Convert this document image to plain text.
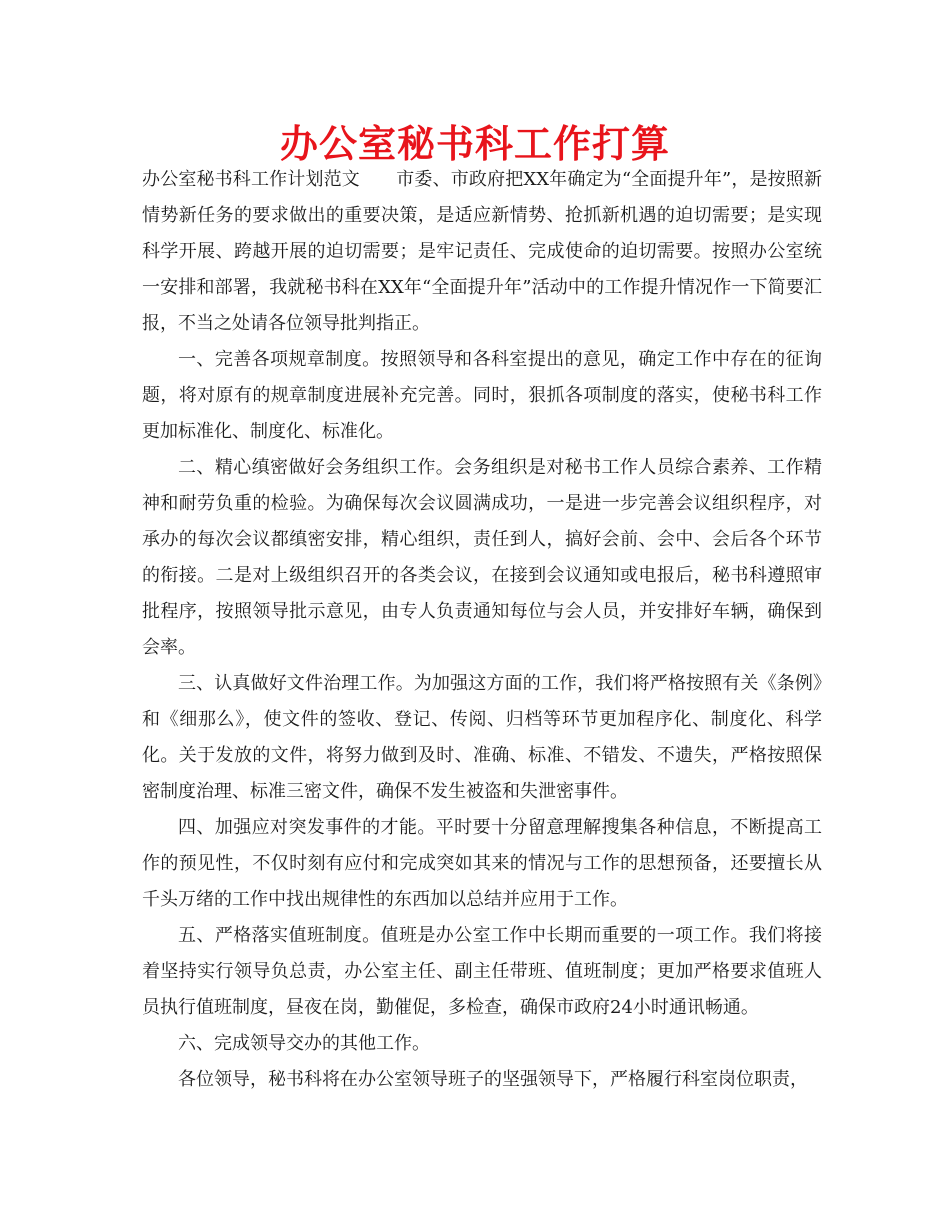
办公室秘书科工作打算

办公室秘书科工作计划范文　　市委、市政府把XX年确定为“全面提升年”，是按照新情势新任务的要求做出的重要决策，是适应新情势、抢抓新机遇的迫切需要；是实现科学开展、跨越开展的迫切需要；是牢记责任、完成使命的迫切需要。按照办公室统一安排和部署，我就秘书科在XX年“全面提升年”活动中的工作提升情况作一下简要汇报，不当之处请各位领导批判指正。

一、完善各项规章制度。按照领导和各科室提出的意见，确定工作中存在的征询题，将对原有的规章制度进展补充完善。同时，狠抓各项制度的落实，使秘书科工作更加标准化、制度化、标准化。

二、精心缜密做好会务组织工作。会务组织是对秘书工作人员综合素养、工作精神和耐劳负重的检验。为确保每次会议圆满成功，一是进一步完善会议组织程序，对承办的每次会议都缜密安排，精心组织，责任到人，搞好会前、会中、会后各个环节的衔接。二是对上级组织召开的各类会议，在接到会议通知或电报后，秘书科遵照审批程序，按照领导批示意见，由专人负责通知每位与会人员，并安排好车辆，确保到会率。

三、认真做好文件治理工作。为加强这方面的工作，我们将严格按照有关《条例》和《细那么》，使文件的签收、登记、传阅、归档等环节更加程序化、制度化、科学化。关于发放的文件，将努力做到及时、准确、标准、不错发、不遗失，严格按照保密制度治理、标准三密文件，确保不发生被盗和失泄密事件。

四、加强应对突发事件的才能。平时要十分留意理解搜集各种信息，不断提高工作的预见性，不仅时刻有应付和完成突如其来的情况与工作的思想预备，还要擅长从千头万绪的工作中找出规律性的东西加以总结并应用于工作。

五、严格落实值班制度。值班是办公室工作中长期而重要的一项工作。我们将接着坚持实行领导负总责，办公室主任、副主任带班、值班制度；更加严格要求值班人员执行值班制度，昼夜在岗，勤催促，多检查，确保市政府24小时通讯畅通。

六、完成领导交办的其他工作。

各位领导，秘书科将在办公室领导班子的坚强领导下，严格履行科室岗位职责，
